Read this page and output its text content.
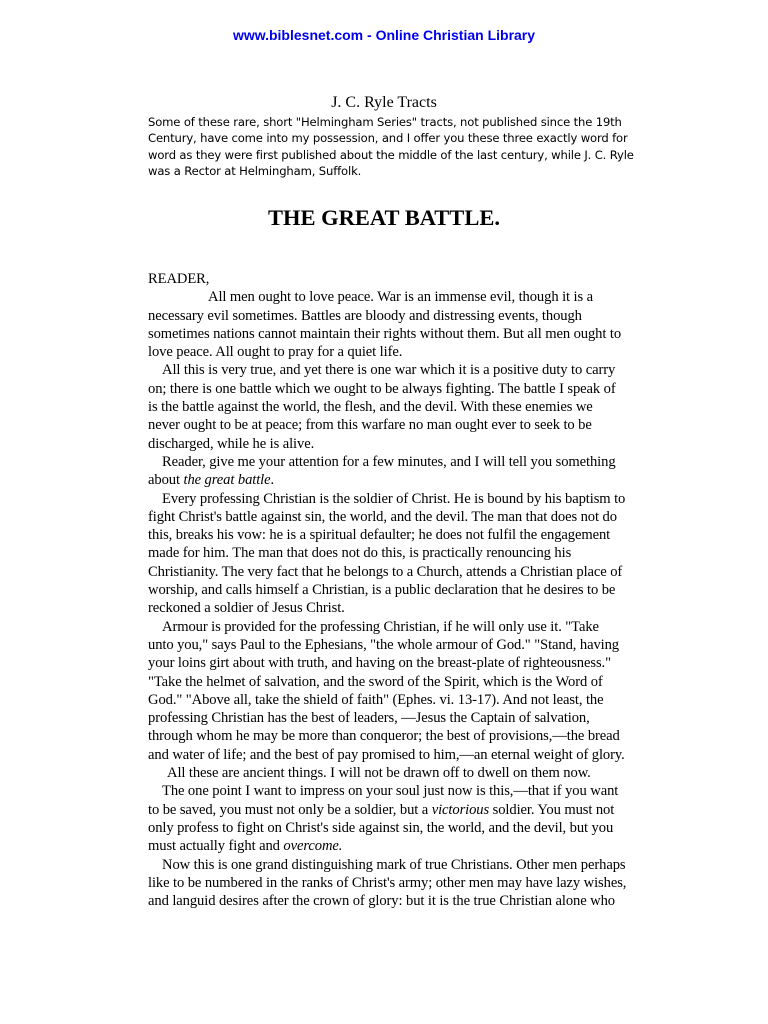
www.biblesnet.com - Online Christian Library
J. C. Ryle Tracts
Some of these rare, short "Helmingham Series" tracts, not published since the 19th
Century, have come into my possession, and I offer you these three exactly word for
word as they were first published about the middle of the last century, while J. C. Ryle
was a Rector at Helmingham, Suffolk.
THE GREAT BATTLE.
READER,
All men ought to love peace. War is an immense evil, though it is a
necessary evil sometimes. Battles are bloody and distressing events, though
sometimes nations cannot maintain their rights without them. But all men ought to
love peace. All ought to pray for a quiet life.
All this is very true, and yet there is one war which it is a positive duty to carry
on; there is one battle which we ought to be always fighting. The battle I speak of
is the battle against the world, the flesh, and the devil. With these enemies we
never ought to be at peace; from this warfare no man ought ever to seek to be
discharged, while he is alive.
Reader, give me your attention for a few minutes, and I will tell you something
about the great battle.
Every professing Christian is the soldier of Christ. He is bound by his baptism to
fight Christ's battle against sin, the world, and the devil. The man that does not do
this, breaks his vow: he is a spiritual defaulter; he does not fulfil the engagement
made for him. The man that does not do this, is practically renouncing his
Christianity. The very fact that he belongs to a Church, attends a Christian place of
worship, and calls himself a Christian, is a public declaration that he desires to be
reckoned a soldier of Jesus Christ.
Armour is provided for the professing Christian, if he will only use it. "Take
unto you," says Paul to the Ephesians, "the whole armour of God." "Stand, having
your loins girt about with truth, and having on the breast-plate of righteousness."
"Take the helmet of salvation, and the sword of the Spirit, which is the Word of
God." "Above all, take the shield of faith" (Ephes. vi. 13-17). And not least, the
professing Christian has the best of leaders, —Jesus the Captain of salvation,
through whom he may be more than conqueror; the best of provisions,—the bread
and water of life; and the best of pay promised to him,—an eternal weight of glory.
All these are ancient things. I will not be drawn off to dwell on them now.
The one point I want to impress on your soul just now is this,—that if you want
to be saved, you must not only be a soldier, but a victorious soldier. You must not
only profess to fight on Christ's side against sin, the world, and the devil, but you
must actually fight and overcome.
Now this is one grand distinguishing mark of true Christians. Other men perhaps
like to be numbered in the ranks of Christ's army; other men may have lazy wishes,
and languid desires after the crown of glory: but it is the true Christian alone who
